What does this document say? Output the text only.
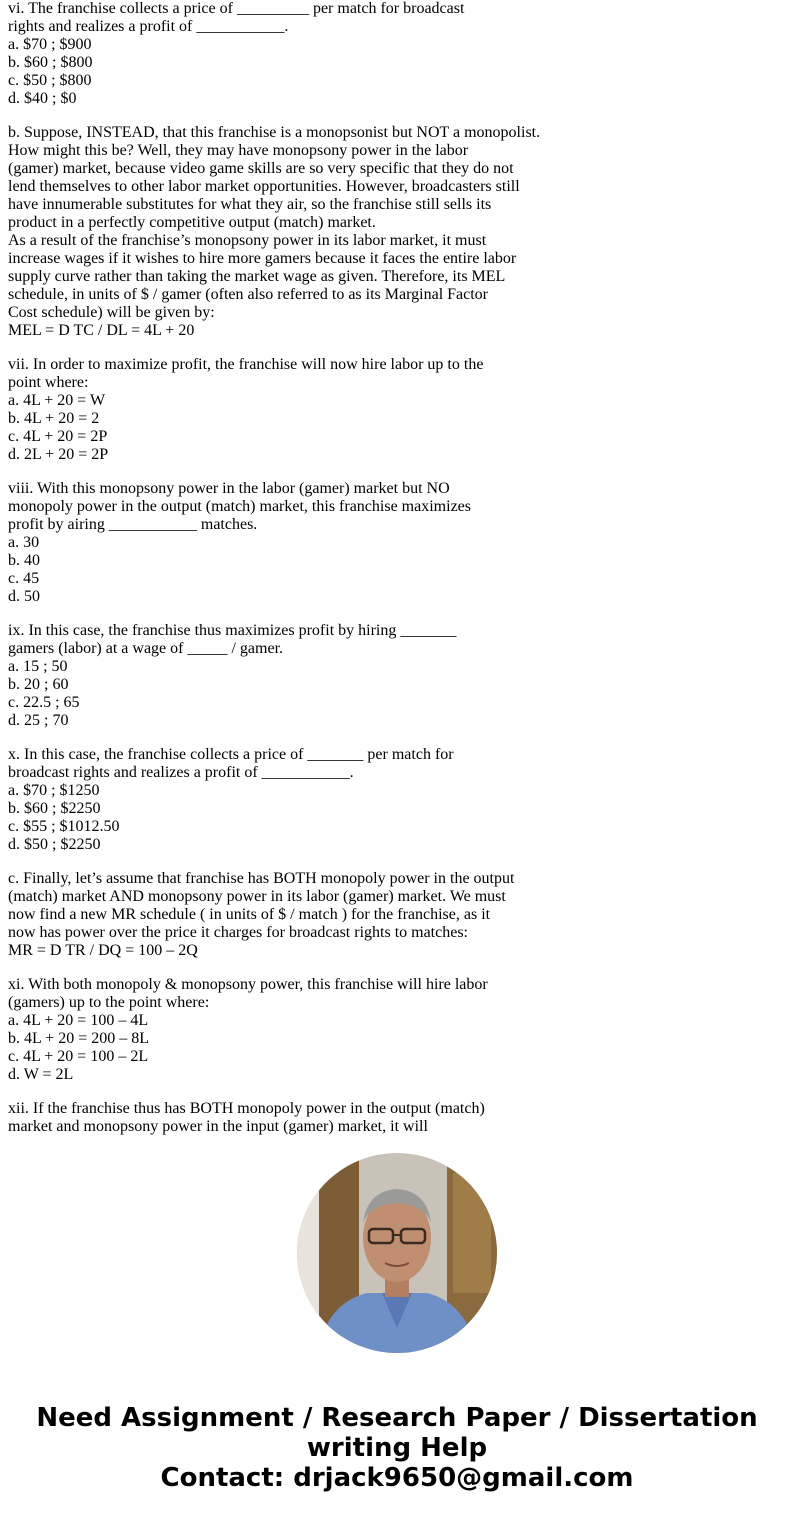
vi. The franchise collects a price of _________ per match for broadcast
rights and realizes a profit of ___________.
a. $70 ; $900
b. $60 ; $800
c. $50 ; $800
d. $40 ; $0
b. Suppose, INSTEAD, that this franchise is a monopsonist but NOT a monopolist.
How might this be? Well, they may have monopsony power in the labor
(gamer) market, because video game skills are so very specific that they do not
lend themselves to other labor market opportunities. However, broadcasters still
have innumerable substitutes for what they air, so the franchise still sells its
product in a perfectly competitive output (match) market.
As a result of the franchise’s monopsony power in its labor market, it must
increase wages if it wishes to hire more gamers because it faces the entire labor
supply curve rather than taking the market wage as given. Therefore, its MEL
schedule, in units of $ / gamer (often also referred to as its Marginal Factor
Cost schedule) will be given by:
MEL = D TC / DL = 4L + 20
vii. In order to maximize profit, the franchise will now hire labor up to the
point where:
a. 4L + 20 = W
b. 4L + 20 = 2
c. 4L + 20 = 2P
d. 2L + 20 = 2P
viii. With this monopsony power in the labor (gamer) market but NO
monopoly power in the output (match) market, this franchise maximizes
profit by airing ___________ matches.
a. 30
b. 40
c. 45
d. 50
ix. In this case, the franchise thus maximizes profit by hiring _______
gamers (labor) at a wage of _____ / gamer.
a. 15 ; 50
b. 20 ; 60
c. 22.5 ; 65
d. 25 ; 70
x. In this case, the franchise collects a price of _______ per match for
broadcast rights and realizes a profit of ___________.
a. $70 ; $1250
b. $60 ; $2250
c. $55 ; $1012.50
d. $50 ; $2250
c. Finally, let’s assume that franchise has BOTH monopoly power in the output
(match) market AND monopsony power in its labor (gamer) market. We must
now find a new MR schedule ( in units of $ / match ) for the franchise, as it
now has power over the price it charges for broadcast rights to matches:
MR = D TR / DQ = 100 – 2Q
xi. With both monopoly & monopsony power, this franchise will hire labor
(gamers) up to the point where:
a. 4L + 20 = 100 – 4L
b. 4L + 20 = 200 – 8L
c. 4L + 20 = 100 – 2L
d. W = 2L
xii. If the franchise thus has BOTH monopoly power in the output (match)
market and monopsony power in the input (gamer) market, it will
Need Assignment / Research Paper / Dissertation
writing Help
Contact: drjack9650@gmail.com
